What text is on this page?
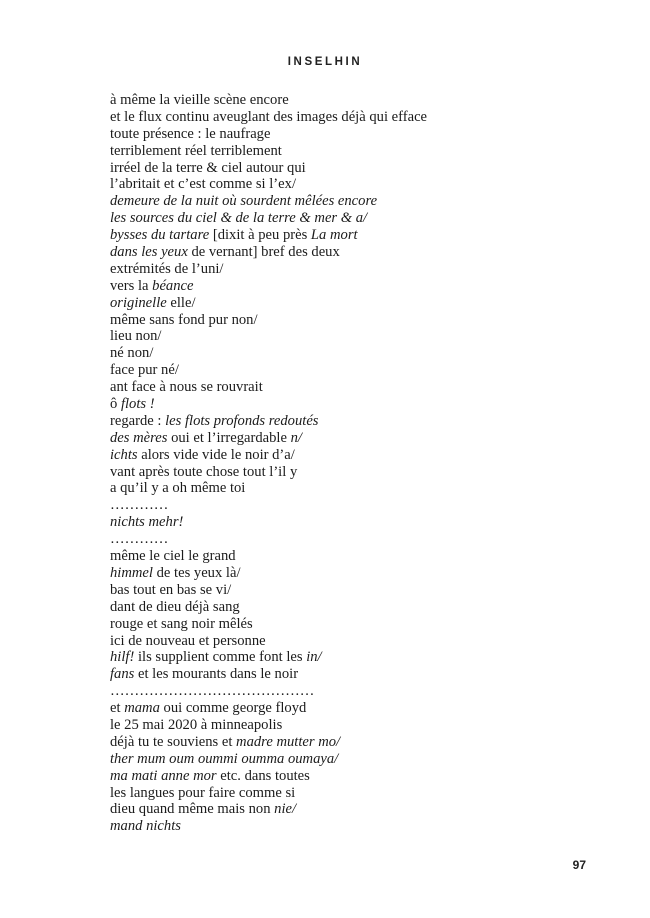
INSELHIN
à même la vieille scène encore
et le flux continu aveuglant des images déjà qui efface
toute présence : le naufrage
terriblement réel terriblement
irréel de la terre & ciel autour qui
l’abritait et c’est comme si l’ex/
demeure de la nuit où sourdent mêlées encore
les sources du ciel & de la terre & mer & a/
bysses du tartare [dixit à peu près La mort
dans les yeux de vernant] bref des deux
extrémités de l’uni/
vers la béance
originelle elle/
même sans fond pur non/
lieu non/
né non/
face pur né/
ant face à nous se rouvrait
ô flots !
regarde : les flots profonds redoutés
des mères oui et l’irregardable n/
ichts alors vide vide le noir d’a/
vant après toute chose tout l’il y
a qu’il y a oh même toi
…………
nichts mehr!
…………
même le ciel le grand
himmel de tes yeux là/
bas tout en bas se vi/
dant de dieu déjà sang
rouge et sang noir mêlés
ici de nouveau et personne
hilf! ils supplient comme font les in/
fans et les mourants dans le noir
……………………………………
et mama oui comme george floyd
le 25 mai 2020 à minneapolis
déjà tu te souviens et madre mutter mo/
ther mum oum oummi oumma oumaya/
ma mati anne mor etc. dans toutes
les langues pour faire comme si
dieu quand même mais non nie/
mand nichts
97
